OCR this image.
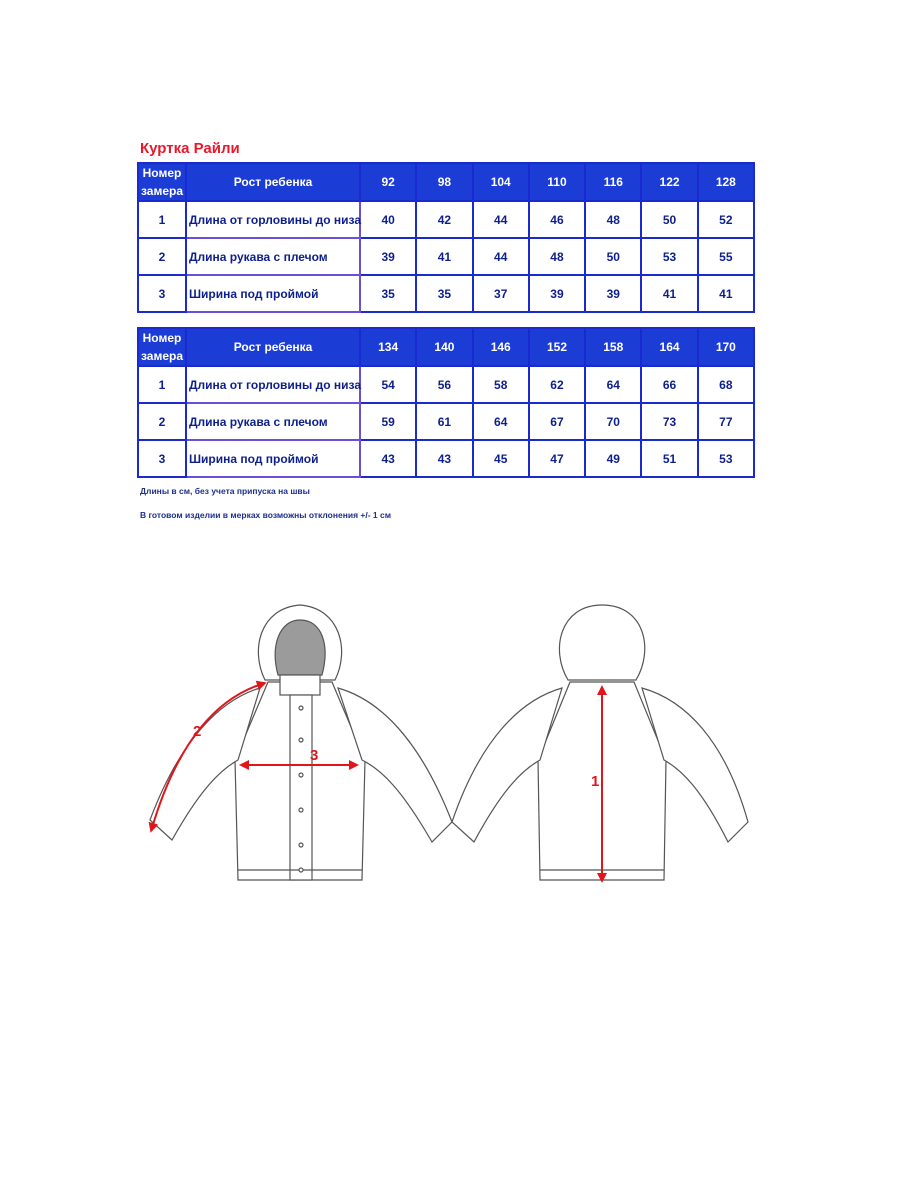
Куртка Райли
Номер замера	Рост ребенка	92	98	104	110	116	122	128
1	Длина от горловины до низа	40	42	44	46	48	50	52
2	Длина рукава с плечом	39	41	44	48	50	53	55
3	Ширина под проймой	35	35	37	39	39	41	41
Номер замера	Рост ребенка	134	140	146	152	158	164	170
1	Длина от горловины до низа	54	56	58	62	64	66	68
2	Длина рукава с плечом	59	61	64	67	70	73	77
3	Ширина под проймой	43	43	45	47	49	51	53
Длины в см, без учета припуска на швы
В готовом изделии в мерках возможны отклонения +/- 1 см
2
3
1
